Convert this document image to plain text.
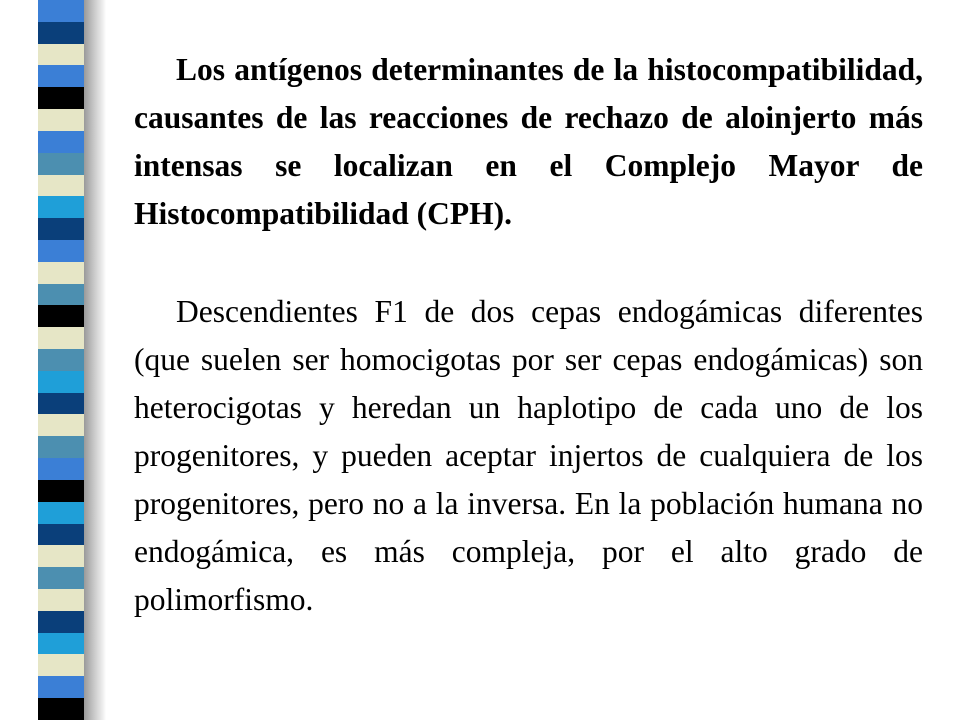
Los antígenos determinantes de la histocompatibilidad, causantes de las reacciones de rechazo de aloinjerto más intensas se localizan en el Complejo Mayor de Histocompatibilidad (CPH).

Descendientes F1 de dos cepas endogámicas diferentes (que suelen ser homocigotas por ser cepas endogámicas) son heterocigotas y heredan un haplotipo de cada uno de los progenitores, y pueden aceptar injertos de cualquiera de los progenitores, pero no a la inversa. En la población humana no endogámica, es más compleja, por el alto grado de polimorfismo.
